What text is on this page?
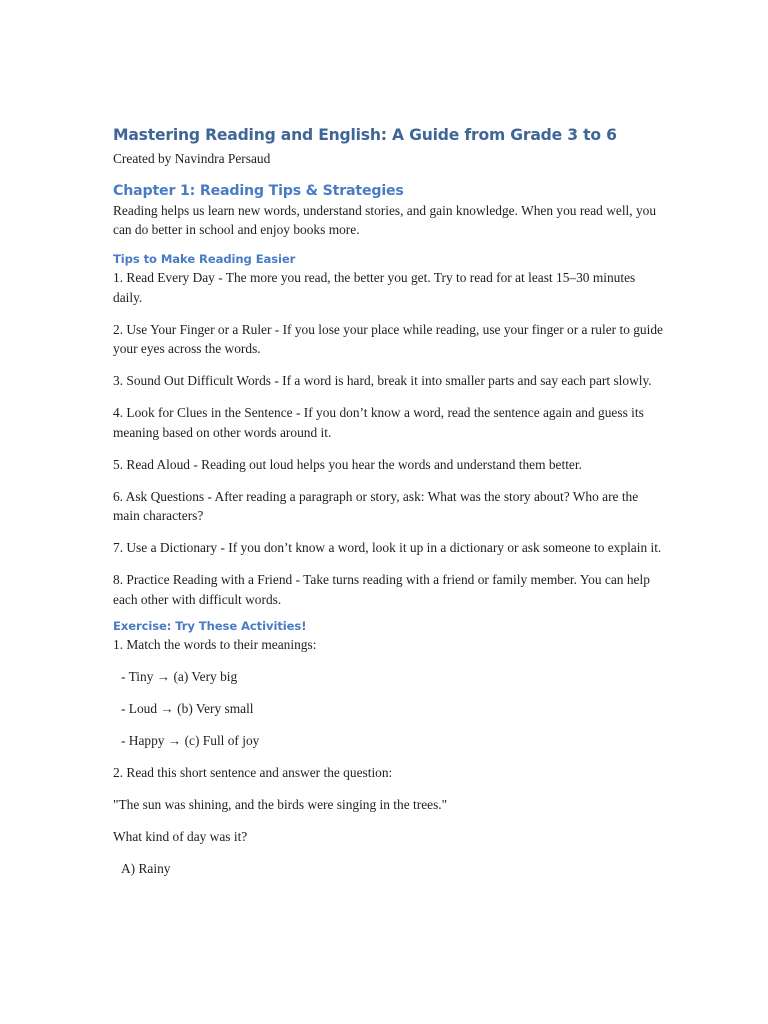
Mastering Reading and English: A Guide from Grade 3 to 6
Created by Navindra Persaud
Chapter 1: Reading Tips & Strategies
Reading helps us learn new words, understand stories, and gain knowledge. When you read well, you can do better in school and enjoy books more.
Tips to Make Reading Easier
1. Read Every Day - The more you read, the better you get. Try to read for at least 15–30 minutes daily.
2. Use Your Finger or a Ruler - If you lose your place while reading, use your finger or a ruler to guide your eyes across the words.
3. Sound Out Difficult Words - If a word is hard, break it into smaller parts and say each part slowly.
4. Look for Clues in the Sentence - If you don’t know a word, read the sentence again and guess its meaning based on other words around it.
5. Read Aloud - Reading out loud helps you hear the words and understand them better.
6. Ask Questions - After reading a paragraph or story, ask: What was the story about? Who are the main characters?
7. Use a Dictionary - If you don’t know a word, look it up in a dictionary or ask someone to explain it.
8. Practice Reading with a Friend - Take turns reading with a friend or family member. You can help each other with difficult words.
Exercise: Try These Activities!
1. Match the words to their meanings:
- Tiny → (a) Very big
- Loud → (b) Very small
- Happy → (c) Full of joy
2. Read this short sentence and answer the question:
"The sun was shining, and the birds were singing in the trees."
What kind of day was it?
A) Rainy
